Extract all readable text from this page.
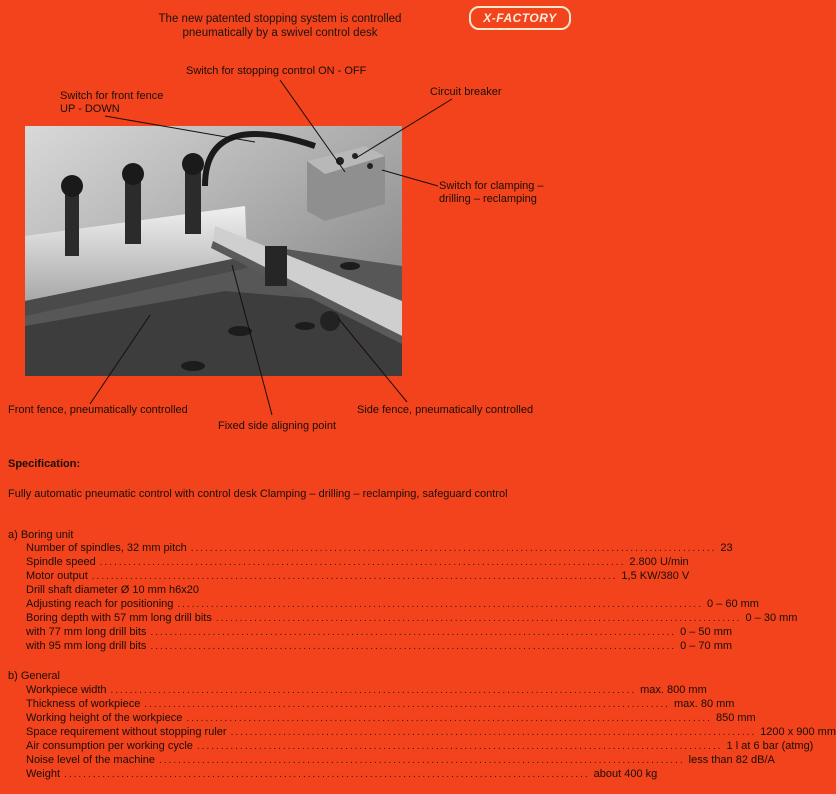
The new patented stopping system is controlled
pneumatically by a swivel control desk
X-FACTORY
Switch for stopping control ON - OFF
Switch for front fence
UP - DOWN
Circuit breaker
Switch for clamping –
drilling – reclamping
Front fence, pneumatically controlled	Side fence, pneumatically controlled
Fixed side aligning point
Specification:
Fully automatic pneumatic control with control desk Clamping – drilling – reclamping, safeguard control
a) Boring unit
Number of spindles, 32 mm pitch .............................................................................................................. 23
Spindle speed .............................................................................................................. 2.800 U/min
Motor output .............................................................................................................. 1,5 KW/380 V
Drill shaft diameter Ø 10 mm h6x20
Adjusting reach for positioning .............................................................................................................. 0 – 60 mm
Boring depth with 57 mm long drill bits .............................................................................................................. 0 – 30 mm
with 77 mm long drill bits .............................................................................................................. 0 – 50 mm
with 95 mm long drill bits .............................................................................................................. 0 – 70 mm
b) General
Workpiece width .............................................................................................................. max. 800 mm
Thickness of workpiece .............................................................................................................. max. 80 mm
Working height of the workpiece .............................................................................................................. 850 mm
Space requirement without stopping ruler .............................................................................................................. 1200 x 900 mm
Air consumption per working cycle .............................................................................................................. 1 l at 6 bar (atmg)
Noise level of the machine .............................................................................................................. less than 82 dB/A
Weight .............................................................................................................. about 400 kg
